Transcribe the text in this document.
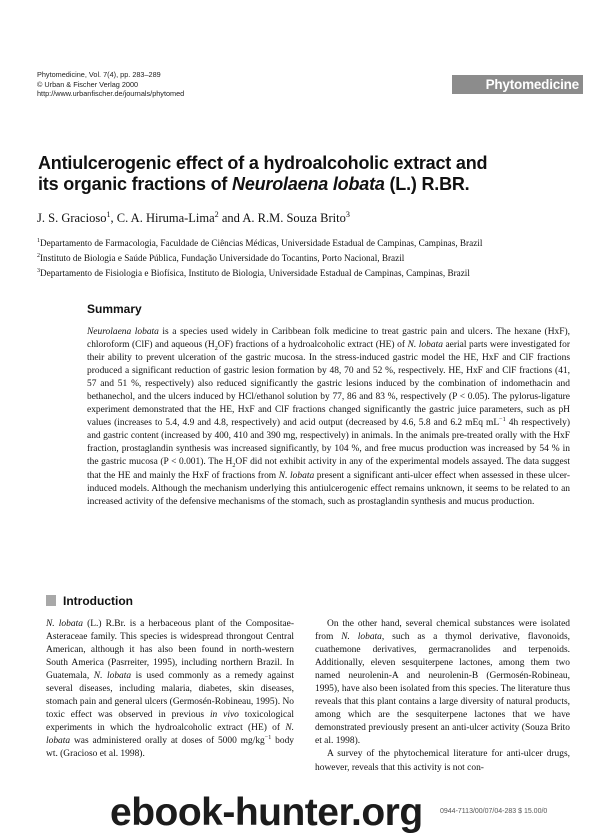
Phytomedicine, Vol. 7(4), pp. 283–289
© Urban & Fischer Verlag 2000
http://www.urbanfischer.de/journals/phytomed
Phytomedicine
Antiulcerogenic effect of a hydroalcoholic extract and
its organic fractions of Neurolaena lobata (L.) R.BR.
J. S. Gracioso$^1$, C. A. Hiruma-Lima$^2$ and A. R.M. Souza Brito$^3$
$^1$Departamento de Farmacologia, Faculdade de Ciências Médicas, Universidade Estadual de Campinas, Campinas, Brazil
$^2$Instituto de Biologia e Saúde Pública, Fundação Universidade do Tocantins, Porto Nacional, Brazil
$^3$Departamento de Fisiologia e Biofísica, Instituto de Biologia, Universidade Estadual de Campinas, Campinas, Brazil
Summary

Neurolaena lobata is a species used widely in Caribbean folk medicine to treat gastric pain and ulcers. The hexane (HxF), chloroform (ClF) and aqueous $(H_2OF)$ fractions of a hydroalcoholic extract (HE) of N. lobata aerial parts were investigated for their ability to prevent ulceration of the gastric mucosa. In the stress-induced gastric model the HE, HxF and ClF fractions produced a significant reduction of gastric lesion formation by 48, 70 and 52 %, respectively. HE, HxF and ClF fractions (41, 57 and 51 %, respectively) also reduced significantly the gastric lesions induced by the combination of indomethacin and bethanechol, and the ulcers induced by HCl/ethanol solution by 77, 86 and 83 %, respectively (P < 0.05). The pylorus-ligature experiment demonstrated that the HE, HxF and ClF fractions changed significantly the gastric juice parameters, such as pH values (increases to 5.4, 4.9 and 4.8, respectively) and acid output (decreased by 4.6, 5.8 and 6.2 mEq $mL^{-1}$ 4h respectively) and gastric content (increased by 400, 410 and 390 mg, respectively) in animals. In the animals pre-treated orally with the HxF fraction, prostaglandin synthesis was increased significantly, by 104 %, and free mucus production was increased by 54 % in the gastric mucosa (P < 0.001). The $H_2OF$ did not exhibit activity in any of the experimental models assayed. The data suggest that the HE and mainly the HxF of fractions from N. lobata present a significant anti-ulcer effect when assessed in these ulcer-induced models. Although the mechanism underlying this antiulcerogenic effect remains unknown, it seems to be related to an increased activity of the defensive mechanisms of the stomach, such as prostaglandin synthesis and mucus production.

Introduction

N. lobata (L.) R.Br. is a herbaceous plant of the Compositae-Asteraceae family. This species is widespread throngout Central American, although it has also been found in north-western South America (Pasrreiter, 1995), including northern Brazil. In Guatemala, N. lobata is used commonly as a remedy against several diseases, including malaria, diabetes, skin diseases, stomach pain and general ulcers (Germosén-Robineau, 1995). No toxic effect was observed in previous in vivo toxicological experiments in which the hydroalcoholic extract (HE) of N. lobata was administered orally at doses of 5000 $mg/kg^{-1}$ body wt. (Gracioso et al. 1998).

On the other hand, several chemical substances were isolated from N. lobata, such as a thymol derivative, flavonoids, cuathemone derivatives, germacranolides and terpenoids. Additionally, eleven sesquiterpene lactones, among them two named neurolenin-A and neurolenin-B (Germosén-Robineau, 1995), have also been isolated from this species. The literature thus reveals that this plant contains a large diversity of natural products, among which are the sesquiterpene lactones that we have demonstrated previously present an anti-ulcer activity (Souza Brito et al. 1998).

A survey of the phytochemical literature for anti-ulcer drugs, however, reveals that this activity is not con-

0944-7113/00/07/04-283 $ 15.00/0
ebook-hunter.org
